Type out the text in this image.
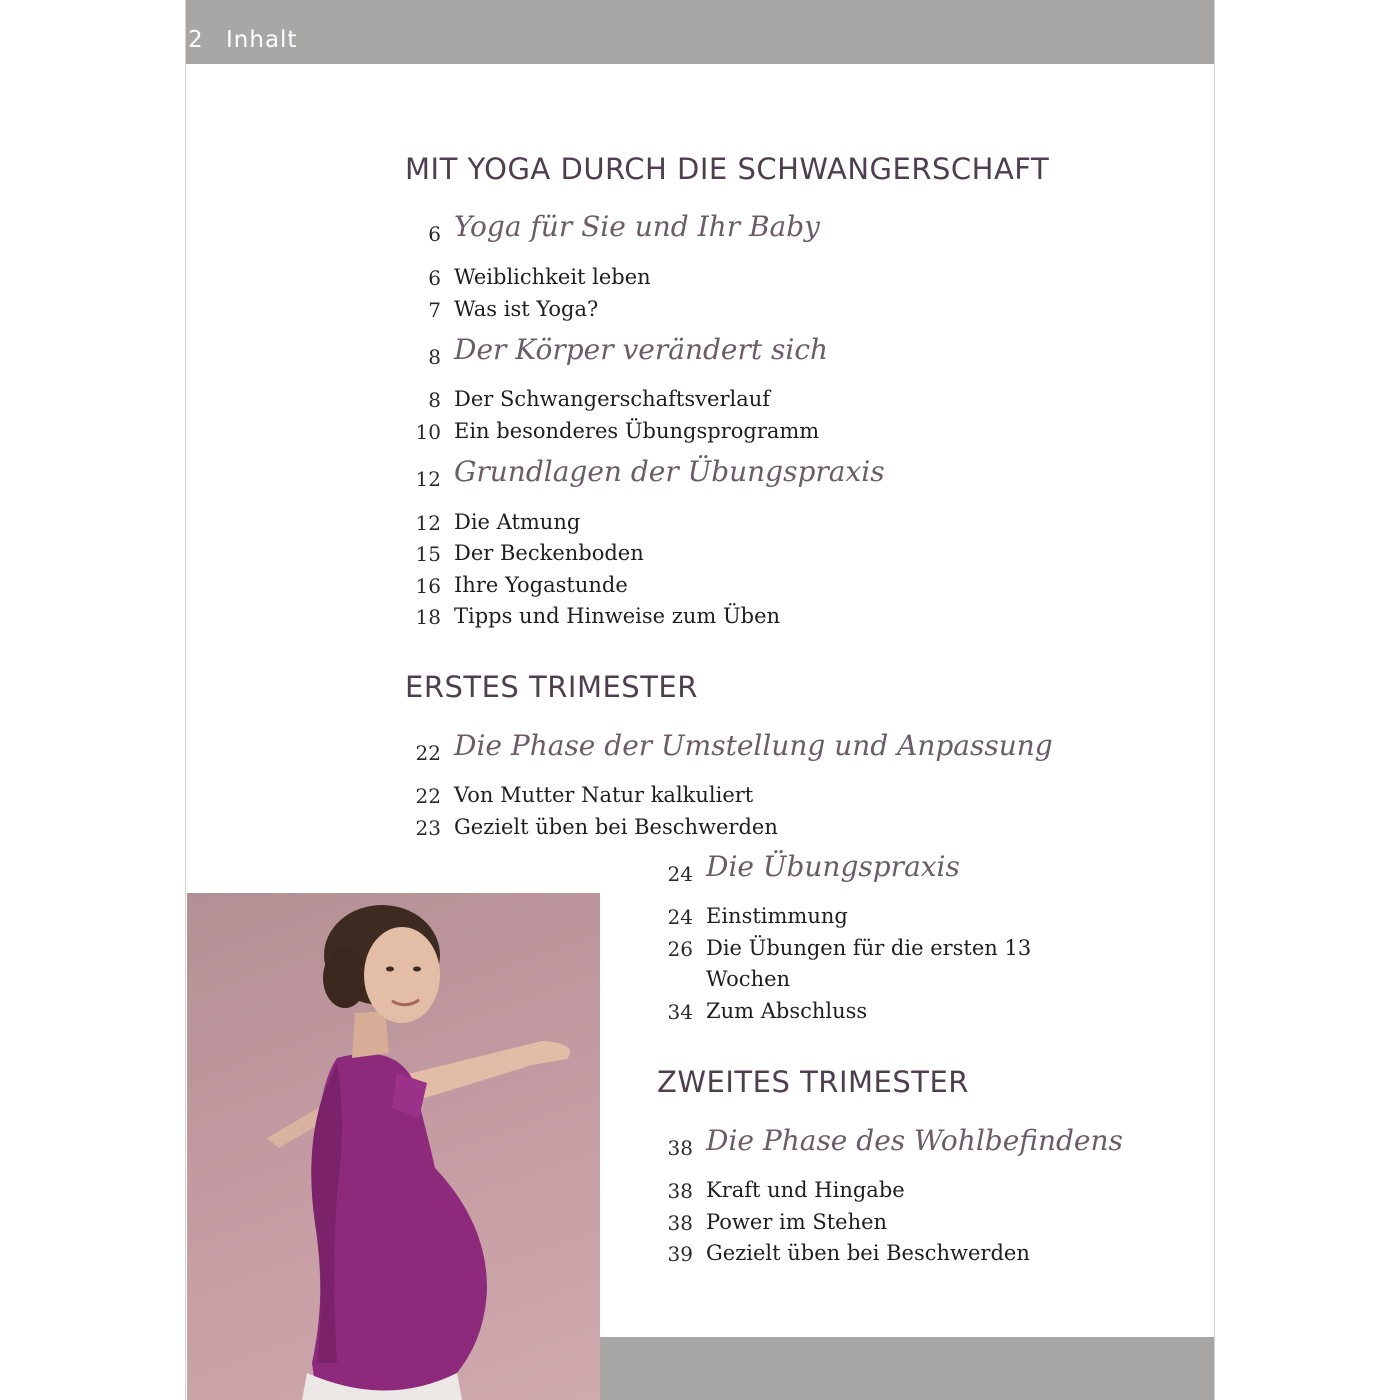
2 Inhalt
MIT YOGA DURCH DIE SCHWANGERSCHAFT
6 Yoga für Sie und Ihr Baby
6 Weiblichkeit leben
7 Was ist Yoga?
8 Der Körper verändert sich
8 Der Schwangerschaftsverlauf
10 Ein besonderes Übungsprogramm
12 Grundlagen der Übungspraxis
12 Die Atmung
15 Der Beckenboden
16 Ihre Yogastunde
18 Tipps und Hinweise zum Üben
ERSTES TRIMESTER
22 Die Phase der Umstellung und Anpassung
22 Von Mutter Natur kalkuliert
23 Gezielt üben bei Beschwerden
24 Die Übungspraxis
24 Einstimmung
26 Die Übungen für die ersten 13
Wochen
34 Zum Abschluss
ZWEITES TRIMESTER
38 Die Phase des Wohlbefindens
38 Kraft und Hingabe
38 Power im Stehen
39 Gezielt üben bei Beschwerden
